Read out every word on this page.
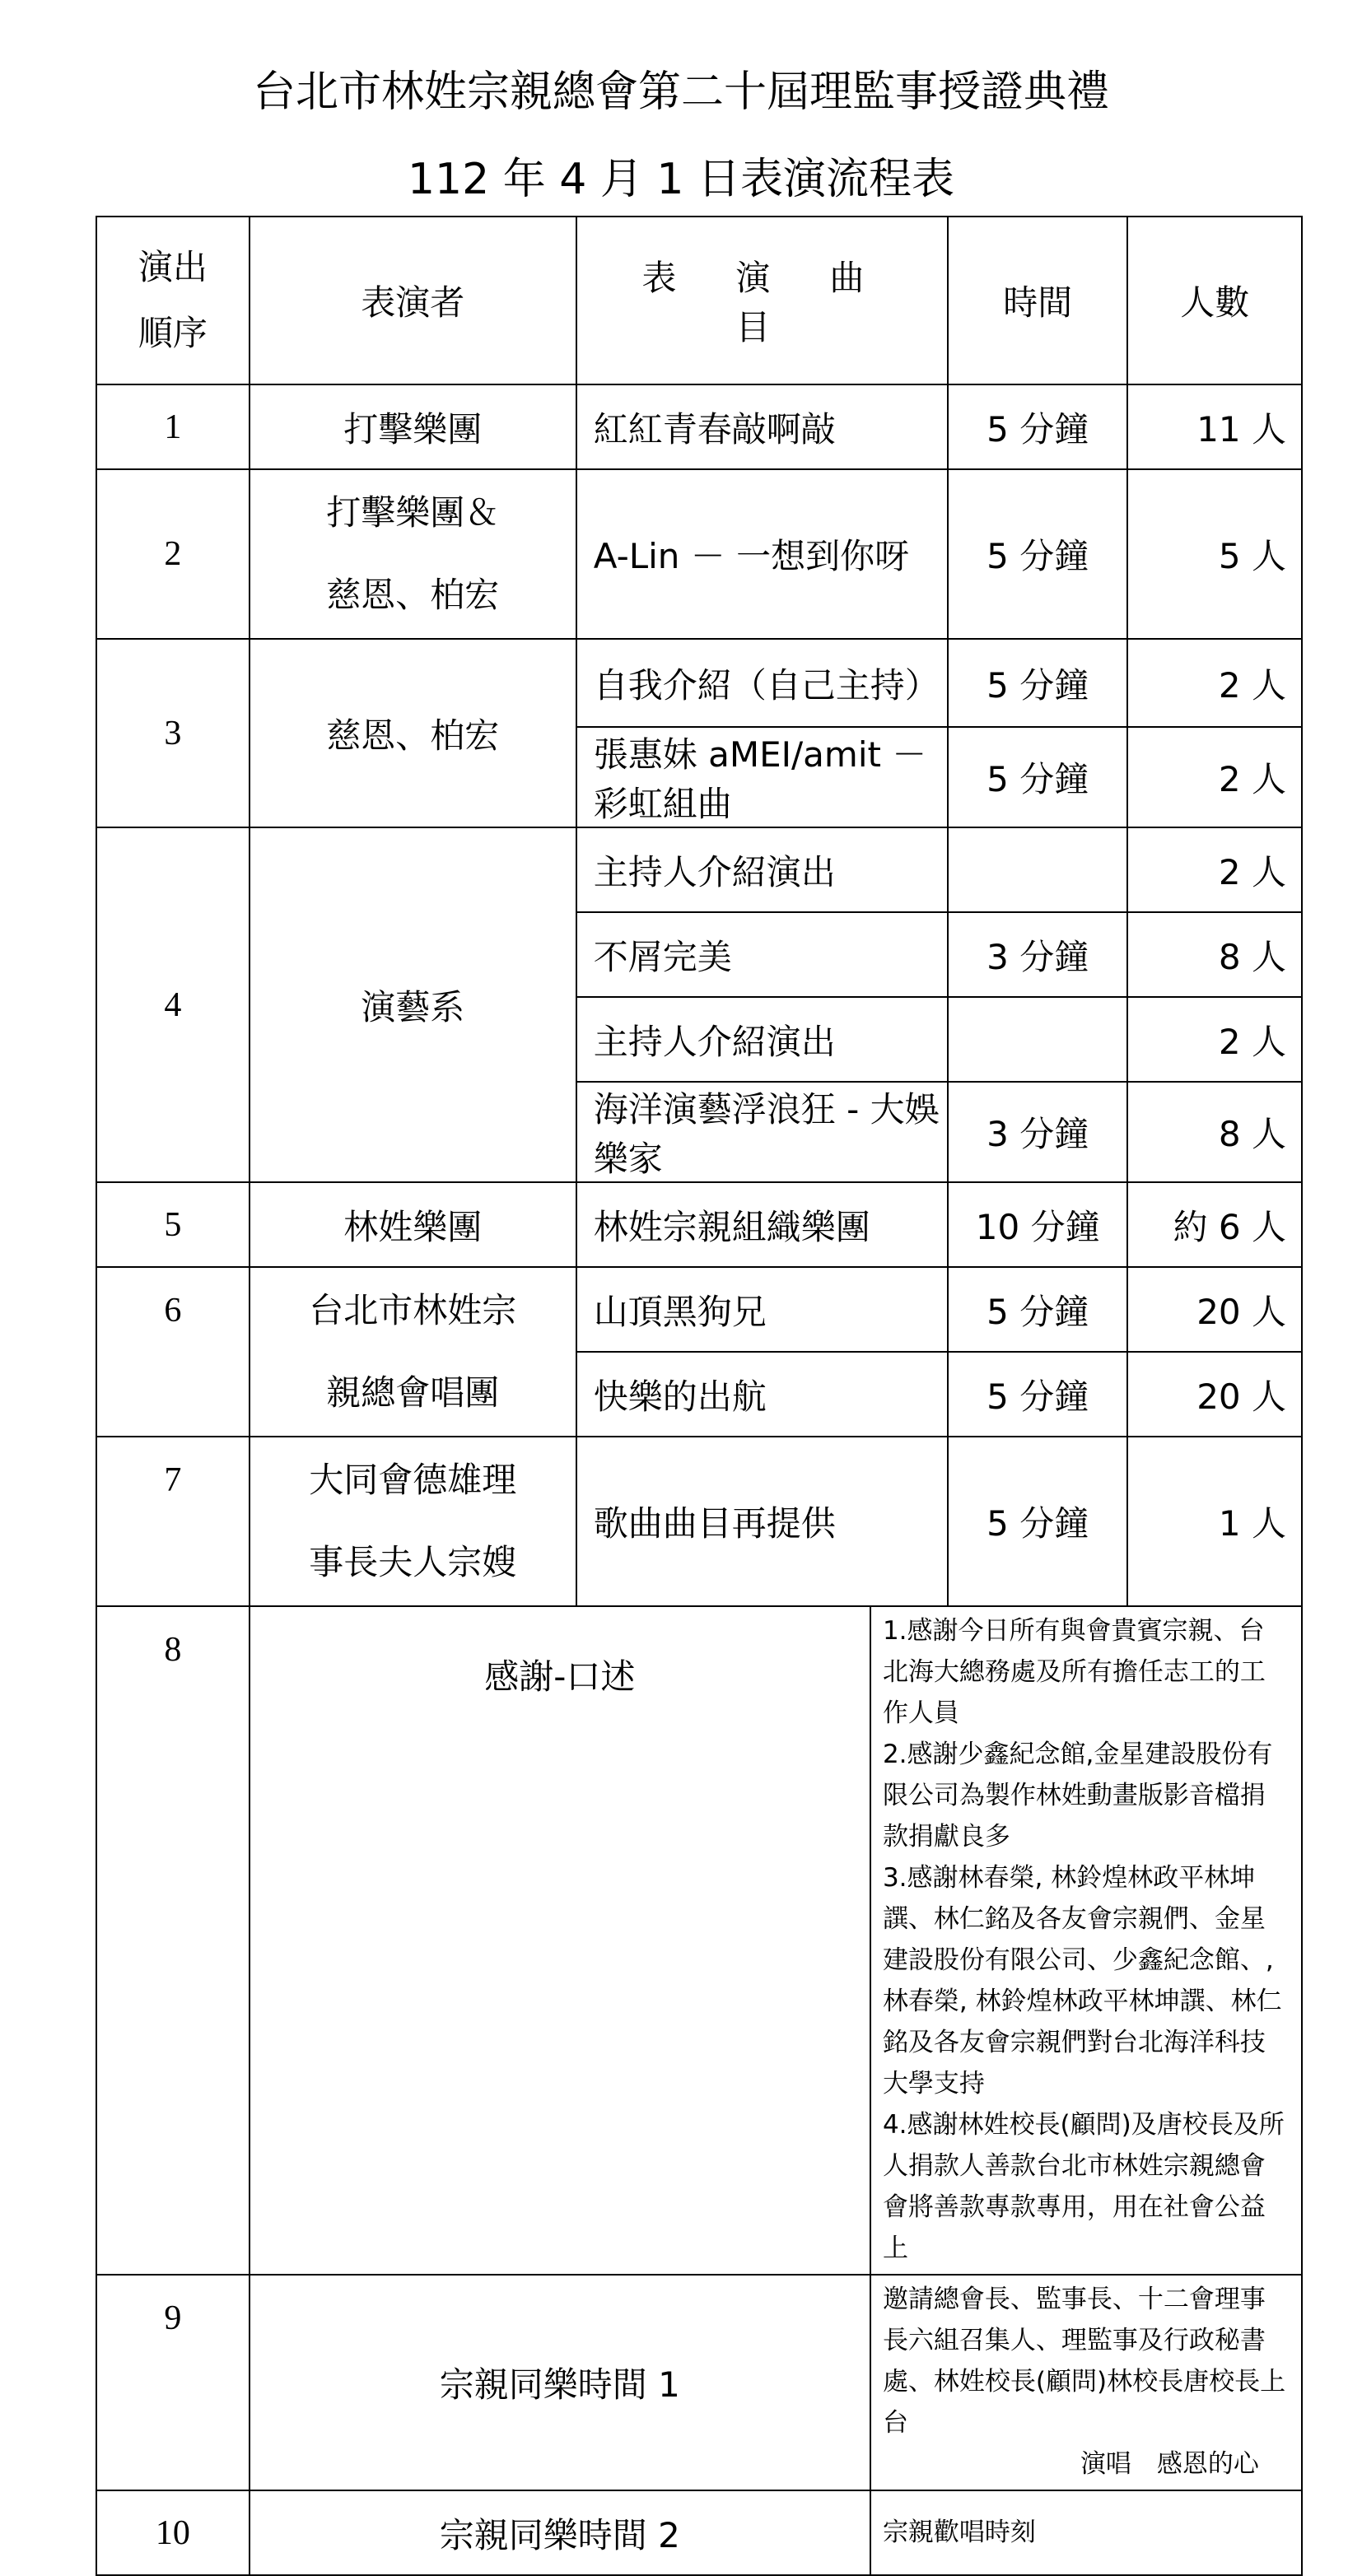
台北市林姓宗親總會第二十屆理監事授證典禮
112 年 4 月 1 日表演流程表
演出
順序	表演者	表演曲目		時間	人數
1	打擊樂團	紅紅青春敲啊敲		5 分鐘	11 人
2	打擊樂團＆
慈恩、柏宏	A-Lin － 一想到你呀		5 分鐘	5 人
3	慈恩、柏宏	自我介紹（自己主持）		5 分鐘	2 人
		張惠妹 aMEI/amit －彩虹組曲		5 分鐘	2 人
4	演藝系	主持人介紹演出			2 人
		不屑完美		3 分鐘	8 人
		主持人介紹演出			2 人
		海洋演藝浮浪狂 - 大娛樂家		3 分鐘	8 人
5	林姓樂團	林姓宗親組織樂團		10 分鐘	約 6 人
6	台北市林姓宗
親總會唱團	山頂黑狗兄		5 分鐘	20 人
		快樂的出航		5 分鐘	20 人
7	大同會德雄理
事長夫人宗嫂	歌曲曲目再提供		5 分鐘	1 人
8	感謝-口述		1.感謝今日所有與會貴賓宗親、台北海大總務處及所有擔任志工的工作人員
2.感謝少鑫紀念館,金星建設股份有限公司為製作林姓動畫版影音檔捐款捐獻良多
3.感謝林春榮, 林鈴煌林政平林坤譔、林仁銘及各友會宗親們、金星建設股份有限公司、少鑫紀念館、,林春榮, 林鈴煌林政平林坤譔、林仁銘及各友會宗親們對台北海洋科技大學支持
4.感謝林姓校長(顧問)及唐校長及所人捐款人善款台北市林姓宗親總會會將善款專款專用，用在社會公益上		

9	宗親同樂時間 1		邀請總會長、監事長、十二會理事長六組召集人、理監事及行政秘書處、林姓校長(顧問)林校長唐校長上台
演唱　感恩的心		

10	宗親同樂時間 2		宗親歡唱時刻		
